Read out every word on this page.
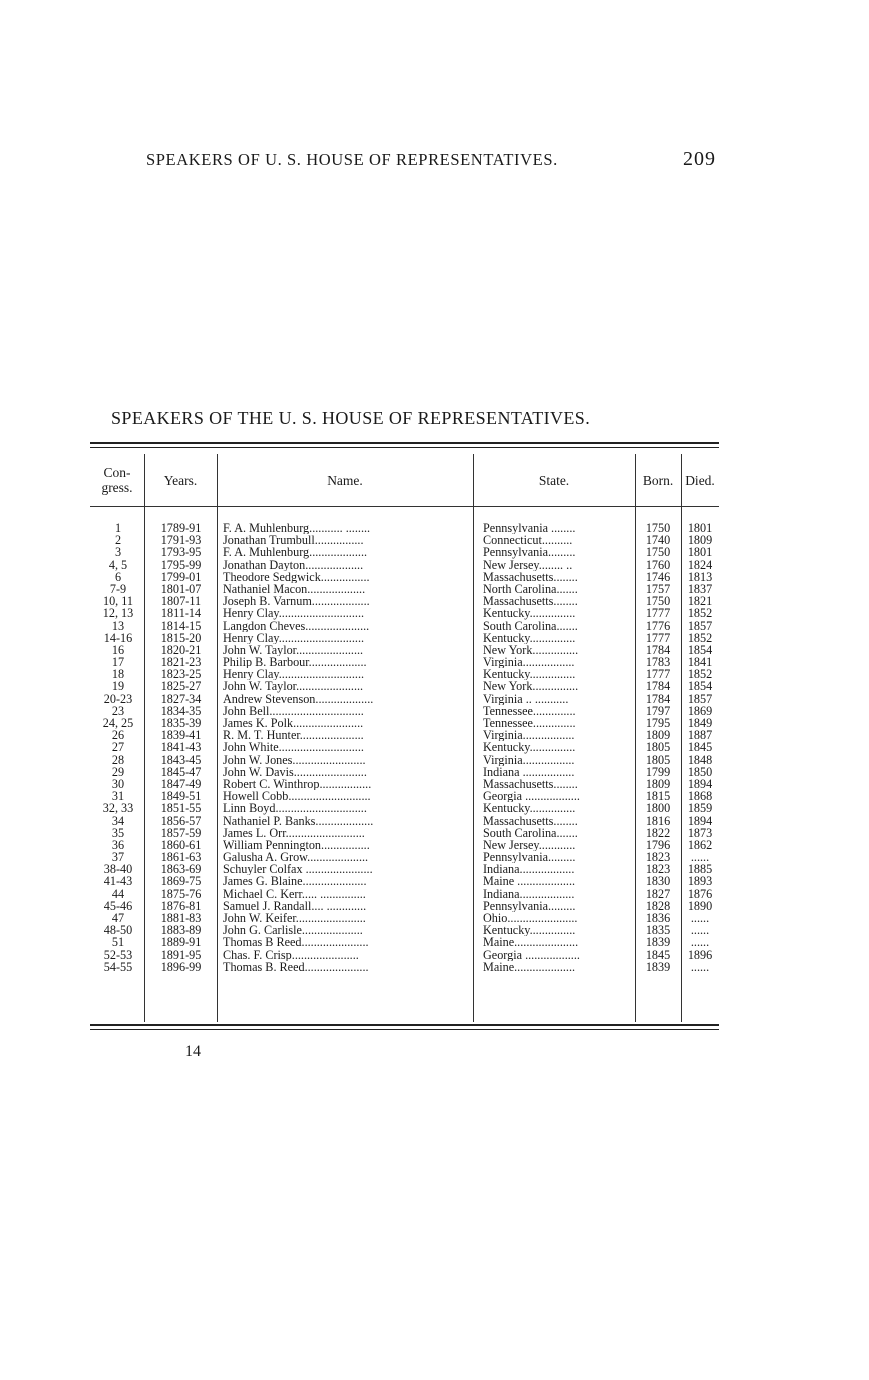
SPEAKERS OF U. S. HOUSE OF REPRESENTATIVES.	209
SPEAKERS OF THE U. S. HOUSE OF REPRESENTATIVES.
Con-
gress.	Years.	Name.	State.	Born. Died.
1	1789-91	F. A. Muhlenburg........... ........	Pennsylvania ........	1750	1801
2	1791-93	Jonathan Trumbull................	Connecticut..........	1740	1809
3	1793-95	F. A. Muhlenburg...................	Pennsylvania.........	1750	1801
4, 5	1795-99	Jonathan Dayton...................	New Jersey........ ..	1760	1824
6	1799-01	Theodore Sedgwick................	Massachusetts........	1746	1813
7-9	1801-07	Nathaniel Macon...................	North Carolina.......	1757	1837
10, 11	1807-11	Joseph B. Varnum...................	Massachusetts........	1750	1821
12, 13	1811-14	Henry Clay............................	Kentucky...............	1777	1852
13	1814-15	Langdon Cheves.....................	South Carolina.......	1776	1857
14-16	1815-20	Henry Clay............................	Kentucky...............	1777	1852
16	1820-21	John W. Taylor......................	New York...............	1784	1854
17	1821-23	Philip B. Barbour...................	Virginia.................	1783	1841
18	1823-25	Henry Clay............................	Kentucky...............	1777	1852
19	1825-27	John W. Taylor......................	New York...............	1784	1854
20-23	1827-34	Andrew Stevenson...................	Virginia .. ...........	1784	1857
23	1834-35	John Bell...............................	Tennessee..............	1797	1869
24, 25	1835-39	James K. Polk.......................	Tennessee..............	1795	1849
26	1839-41	R. M. T. Hunter.....................	Virginia.................	1809	1887
27	1841-43	John White............................	Kentucky...............	1805	1845
28	1843-45	John W. Jones........................	Virginia.................	1805	1848
29	1845-47	John W. Davis........................	Indiana .................	1799	1850
30	1847-49	Robert C. Winthrop.................	Massachusetts........	1809	1894
31	1849-51	Howell Cobb...........................	Georgia ..................	1815	1868
32, 33	1851-55	Linn Boyd..............................	Kentucky...............	1800	1859
34	1856-57	Nathaniel P. Banks...................	Massachusetts........	1816	1894
35	1857-59	James L. Orr..........................	South Carolina.......	1822	1873
36	1860-61	William Pennington................	New Jersey............	1796	1862
37	1861-63	Galusha A. Grow....................	Pennsylvania.........	1823	......
38-40	1863-69	Schuyler Colfax ......................	Indiana..................	1823	1885
41-43	1869-75	James G. Blaine.....................	Maine ...................	1830	1893
44	1875-76	Michael C. Kerr..... ...............	Indiana..................	1827	1876
45-46	1876-81	Samuel J. Randall.... .............	Pennsylvania.........	1828	1890
47	1881-83	John W. Keifer.......................	Ohio.......................	1836	......
48-50	1883-89	John G. Carlisle....................	Kentucky...............	1835	......
51	1889-91	Thomas B Reed......................	Maine.....................	1839	......
52-53	1891-95	Chas. F. Crisp......................	Georgia ..................	1845	1896
54-55	1896-99	Thomas B. Reed.....................	Maine....................	1839	......
14
